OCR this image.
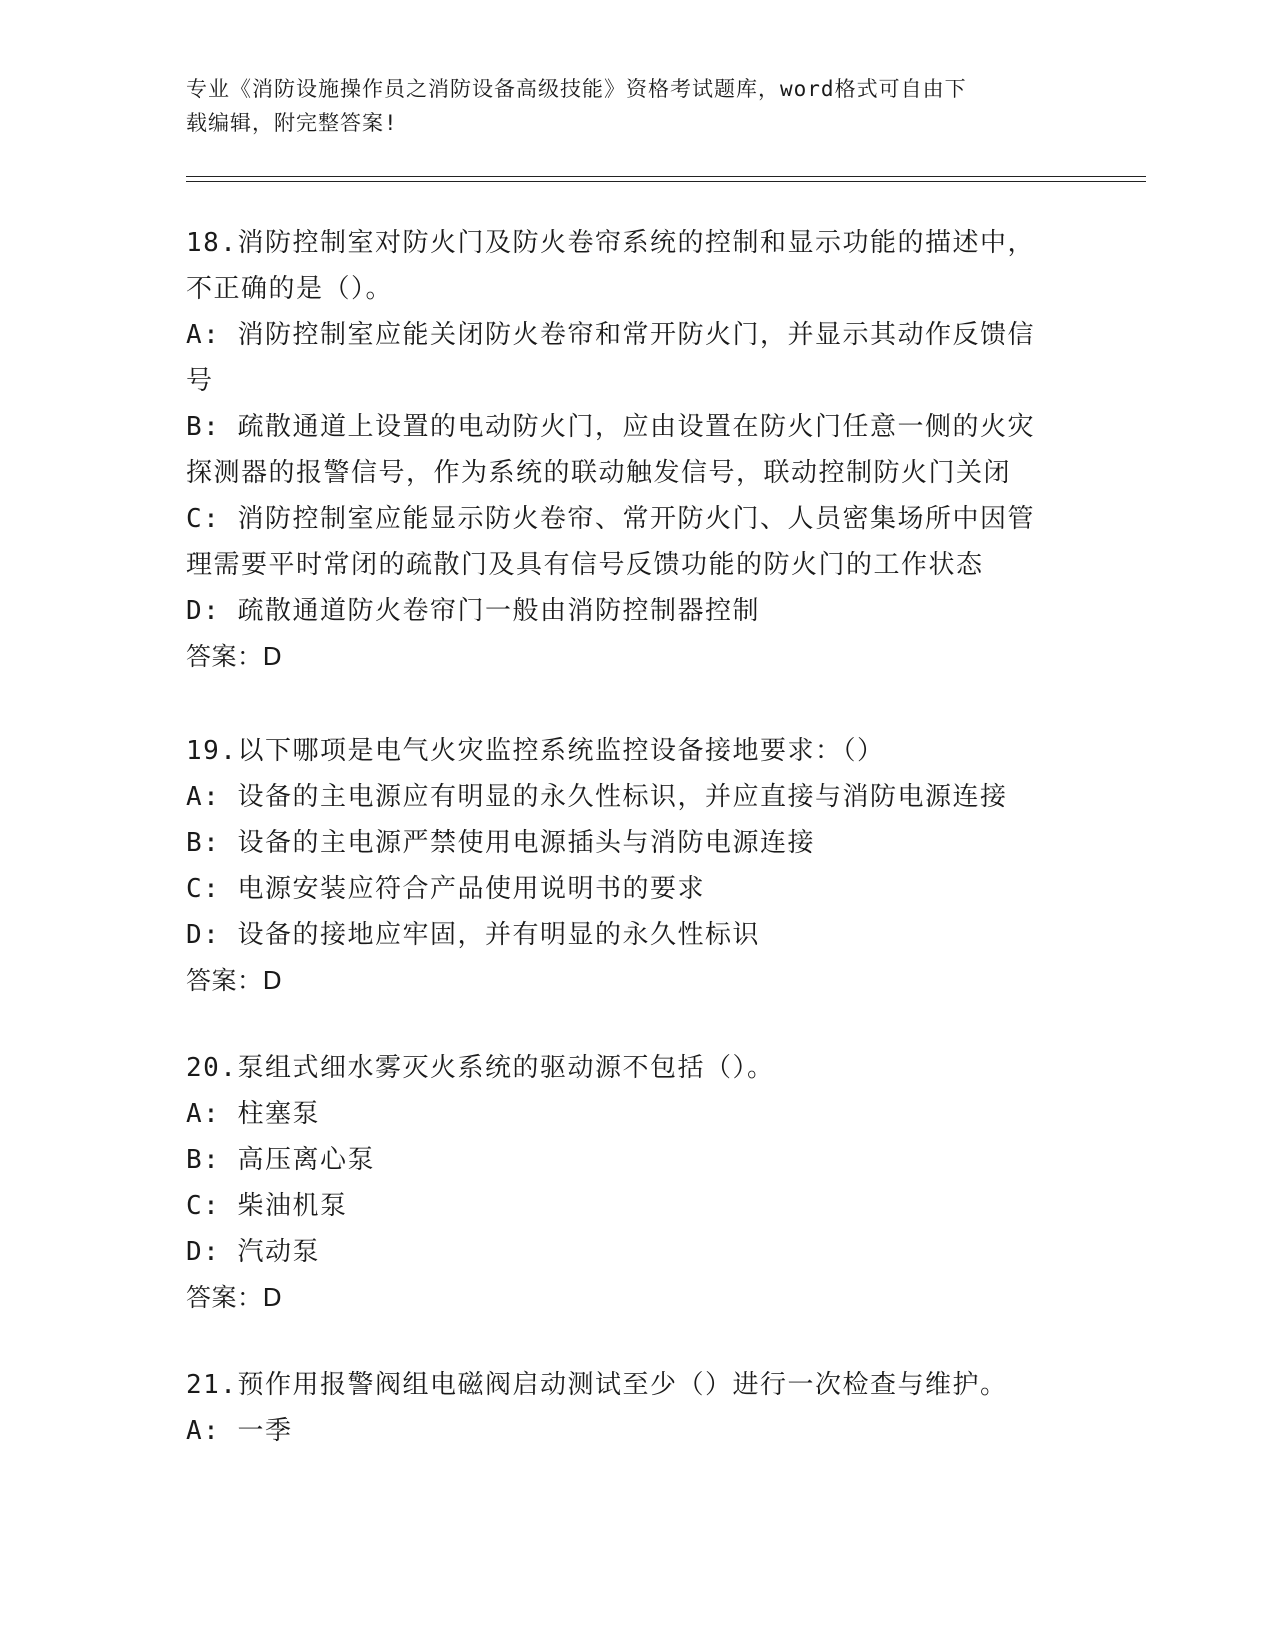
专业《消防设施操作员之消防设备高级技能》资格考试题库，word格式可自由下
载编辑，附完整答案!
18.消防控制室对防火门及防火卷帘系统的控制和显示功能的描述中，
不正确的是（）。
A: 消防控制室应能关闭防火卷帘和常开防火门，并显示其动作反馈信
号
B: 疏散通道上设置的电动防火门，应由设置在防火门任意一侧的火灾
探测器的报警信号，作为系统的联动触发信号，联动控制防火门关闭
C: 消防控制室应能显示防火卷帘、常开防火门、人员密集场所中因管
理需要平时常闭的疏散门及具有信号反馈功能的防火门的工作状态
D: 疏散通道防火卷帘门一般由消防控制器控制
答案：D
19.以下哪项是电气火灾监控系统监控设备接地要求：（）
A: 设备的主电源应有明显的永久性标识，并应直接与消防电源连接
B: 设备的主电源严禁使用电源插头与消防电源连接
C: 电源安装应符合产品使用说明书的要求
D: 设备的接地应牢固，并有明显的永久性标识
答案：D
20.泵组式细水雾灭火系统的驱动源不包括（）。
A: 柱塞泵
B: 高压离心泵
C: 柴油机泵
D: 汽动泵
答案：D
21.预作用报警阀组电磁阀启动测试至少（）进行一次检查与维护。
A: 一季
